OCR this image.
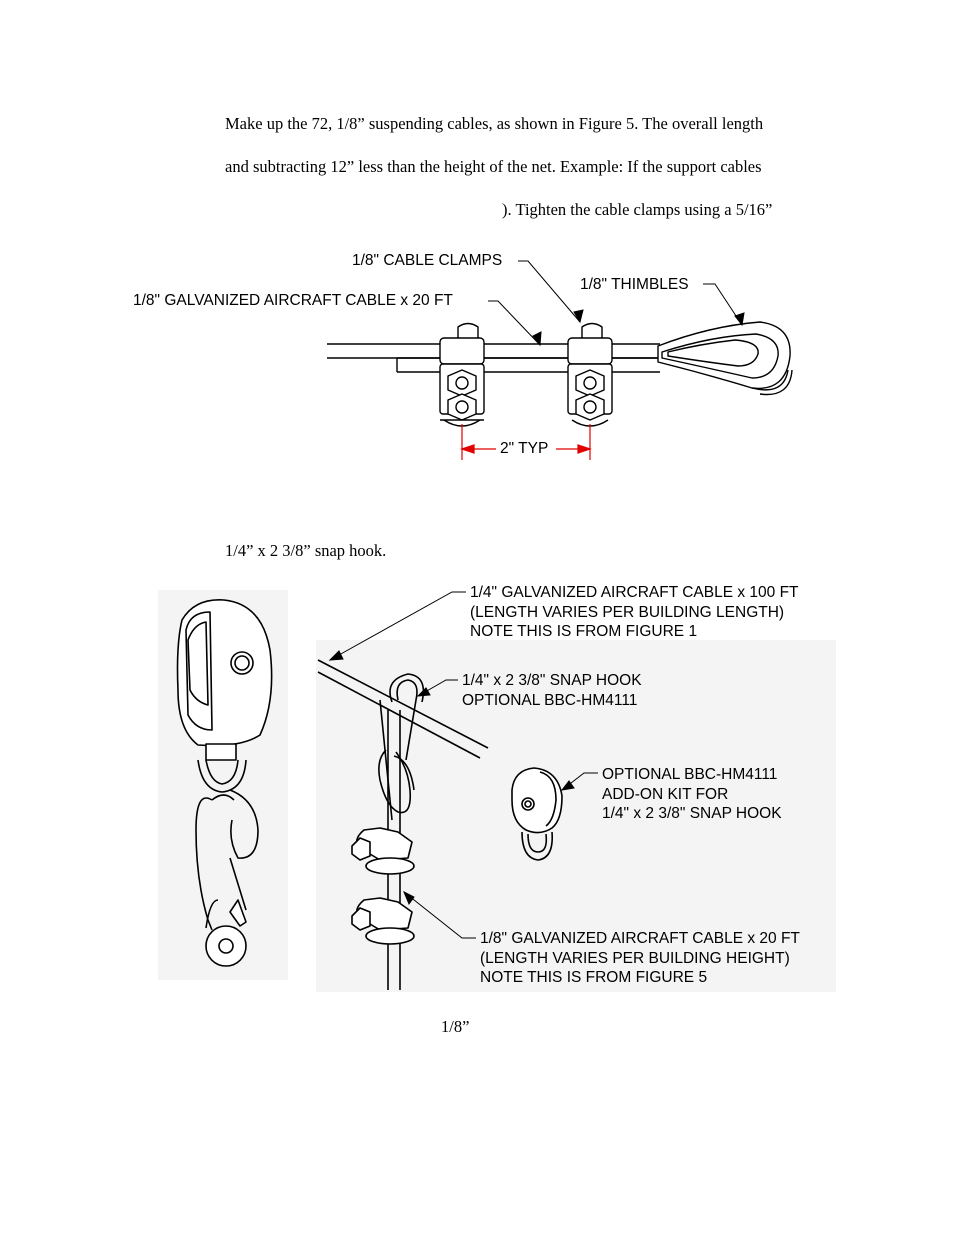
Make up the 72, 1/8” suspending cables, as shown in Figure 5. The overall length
and subtracting 12” less than the height of the net. Example: If the support cables
). Tighten the cable clamps using a 5/16”
1/4” x 2 3/8” snap hook.
1/8”
1/8" CABLE CLAMPS
1/8" THIMBLES
1/8" GALVANIZED AIRCRAFT CABLE x 20 FT
2" TYP
1/4" GALVANIZED AIRCRAFT CABLE x 100 FT
(LENGTH VARIES PER BUILDING LENGTH)
NOTE THIS IS FROM FIGURE 1
1/4" x 2 3/8" SNAP HOOK
OPTIONAL BBC-HM4111
OPTIONAL BBC-HM4111
ADD-ON KIT FOR
1/4" x 2 3/8" SNAP HOOK
1/8" GALVANIZED AIRCRAFT CABLE x 20 FT
(LENGTH VARIES PER BUILDING HEIGHT)
NOTE THIS IS FROM FIGURE 5
